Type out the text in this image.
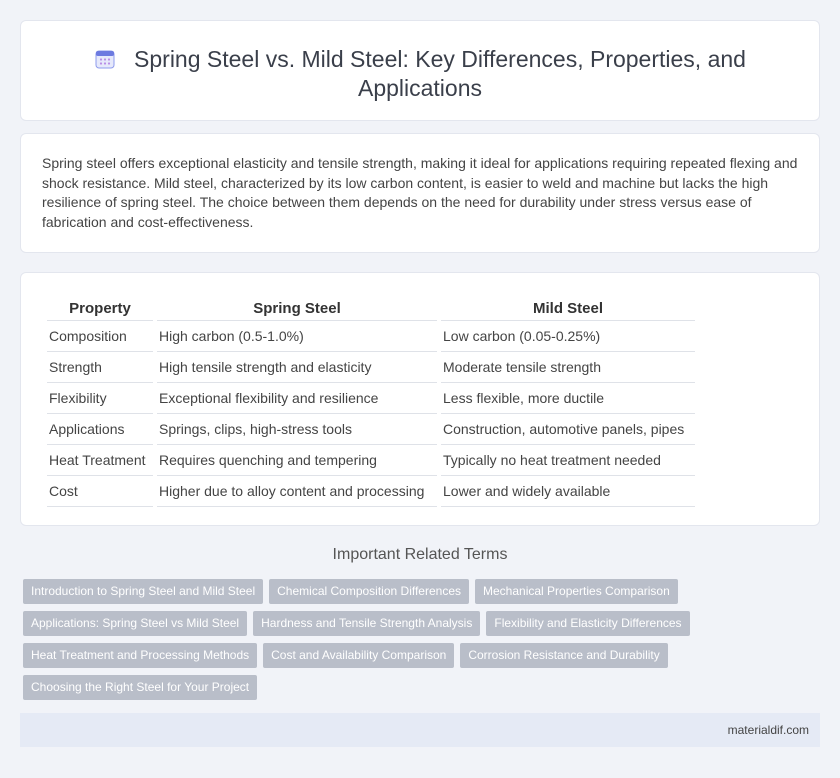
Spring Steel vs. Mild Steel: Key Differences, Properties, and Applications

Spring steel offers exceptional elasticity and tensile strength, making it ideal for applications requiring repeated flexing and shock resistance. Mild steel, characterized by its low carbon content, is easier to weld and machine but lacks the high resilience of spring steel. The choice between them depends on the need for durability under stress versus ease of fabrication and cost-effectiveness.

Property	Spring Steel	Mild Steel
Composition	High carbon (0.5-1.0%)	Low carbon (0.05-0.25%)
Strength	High tensile strength and elasticity	Moderate tensile strength
Flexibility	Exceptional flexibility and resilience	Less flexible, more ductile
Applications	Springs, clips, high-stress tools	Construction, automotive panels, pipes
Heat Treatment	Requires quenching and tempering	Typically no heat treatment needed
Cost	Higher due to alloy content and processing	Lower and widely available
Important Related Terms
Introduction to Spring Steel and Mild Steel	Chemical Composition Differences	Mechanical Properties Comparison
Applications: Spring Steel vs Mild Steel	Hardness and Tensile Strength Analysis	Flexibility and Elasticity Differences
Heat Treatment and Processing Methods	Cost and Availability Comparison	Corrosion Resistance and Durability
Choosing the Right Steel for Your Project
materialdif.com
